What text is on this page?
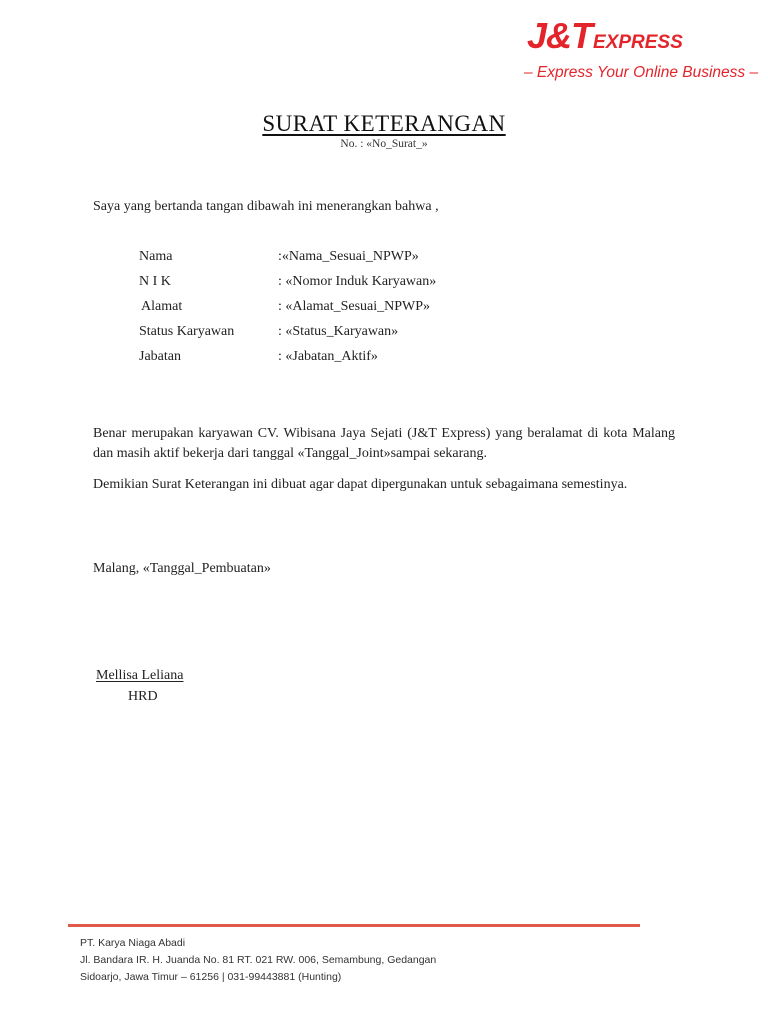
J&TEXPRESS
– Express Your Online Business –
SURAT KETERANGAN
No. : «No_Surat_»
Saya yang bertanda tangan dibawah ini menerangkan bahwa ,
Nama	:«Nama_Sesuai_NPWP»
N I K	: «Nomor Induk Karyawan»
Alamat	: «Alamat_Sesuai_NPWP»
Status Karyawan	: «Status_Karyawan»
Jabatan	: «Jabatan_Aktif»
Benar merupakan karyawan CV. Wibisana Jaya Sejati (J&T Express) yang beralamat di kota Malang dan masih aktif bekerja dari tanggal «Tanggal_Joint»sampai sekarang.
Demikian Surat Keterangan ini dibuat agar dapat dipergunakan untuk sebagaimana semestinya.
Malang, «Tanggal_Pembuatan»
Mellisa Leliana
HRD
PT. Karya Niaga Abadi
Jl. Bandara IR. H. Juanda No. 81 RT. 021 RW. 006, Semambung, Gedangan
Sidoarjo, Jawa Timur – 61256 | 031-99443881 (Hunting)
